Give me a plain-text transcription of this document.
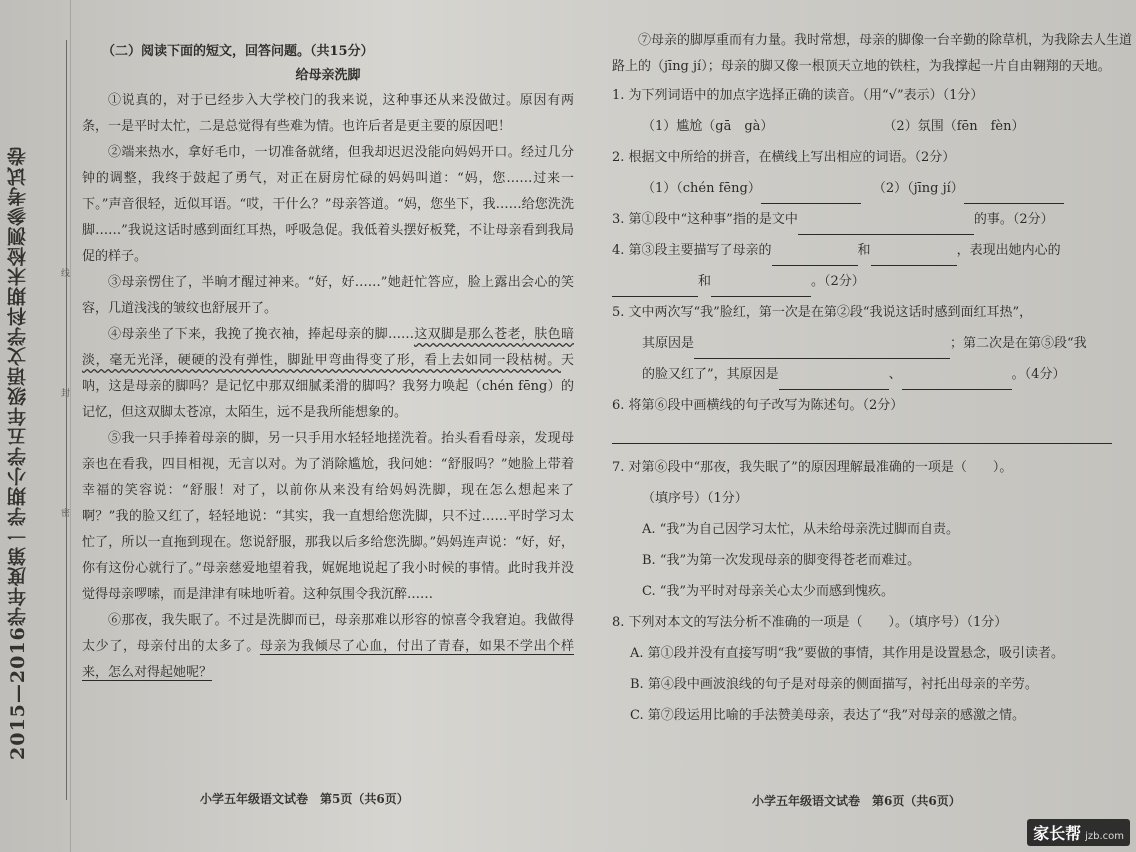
2015—2016学年度第一学期小学五年级语文学科期末检测参考试卷	线
封
密

（二）阅读下面的短文，回答问题。（共15分）

给母亲洗脚

①说真的，对于已经步入大学校门的我来说，这种事还从来没做过。原因有两条，一是平时太忙，二是总觉得有些难为情。也许后者是更主要的原因吧！

②端来热水，拿好毛巾，一切准备就绪，但我却迟迟没能向妈妈开口。经过几分钟的调整，我终于鼓起了勇气，对正在厨房忙碌的妈妈叫道：“妈，您……过来一下。”声音很轻，近似耳语。“哎，干什么？”母亲答道。“妈，您坐下，我……给您洗洗脚……”我说这话时感到面红耳热，呼吸急促。我低着头摆好板凳，不让母亲看到我局促的样子。

③母亲愣住了，半晌才醒过神来。“好，好……”她赶忙答应，脸上露出会心的笑容，几道浅浅的皱纹也舒展开了。

④母亲坐了下来，我挽了挽衣袖，捧起母亲的脚……这双脚是那么苍老，肤色暗淡，毫无光泽，硬硬的没有弹性，脚趾甲弯曲得变了形，看上去如同一段枯树。天呐，这是母亲的脚吗？是记忆中那双细腻柔滑的脚吗？我努力唤起（chén fēng）的记忆，但这双脚太苍凉，太陌生，远不是我所能想象的。

⑤我一只手捧着母亲的脚，另一只手用水轻轻地搓洗着。抬头看看母亲，发现母亲也在看我，四目相视，无言以对。为了消除尴尬，我问她：“舒服吗？”她脸上带着幸福的笑容说：“舒服！对了，以前你从来没有给妈妈洗脚，现在怎么想起来了啊？”我的脸又红了，轻轻地说：“其实，我一直想给您洗脚，只不过……平时学习太忙了，所以一直拖到现在。您说舒服，那我以后多给您洗脚。”妈妈连声说：“好，好，你有这份心就行了。”母亲慈爱地望着我，娓娓地说起了我小时候的事情。此时我并没觉得母亲啰嗦，而是津津有味地听着。这种氛围令我沉醉……

⑥那夜，我失眠了。不过是洗脚而已，母亲那难以形容的惊喜令我窘迫。我做得太少了，母亲付出的太多了。母亲为我倾尽了心血，付出了青春，如果不学出个样来，怎么对得起她呢？

小学五年级语文试卷　第5页（共6页）

⑦母亲的脚厚重而有力量。我时常想，母亲的脚像一台辛勤的除草机，为我除去人生道路上的（jīng jí）；母亲的脚又像一根顶天立地的铁柱，为我撑起一片自由翱翔的天地。

1. 为下列词语中的加点字选择正确的读音。（用“√”表示）（1分）

（1）尴尬（gā　gà）	（2）氛围（fēn　fèn）

2. 根据文中所给的拼音，在横线上写出相应的词语。（2分）

（1）（chén fēng）	（2）（jīng jí）

3. 第①段中“这种事”指的是文中	的事。（2分）

4. 第③段主要描写了母亲的	和	，表现出她内心的

和	。（2分）

5. 文中两次写“我”脸红，第一次是在第②段“我说这话时感到面红耳热”，

其原因是	；第二次是在第⑤段“我

的脸又红了”，其原因是	、	。（4分）

6. 将第⑥段中画横线的句子改写为陈述句。（2分）

7. 对第⑥段中“那夜，我失眠了”的原因理解最准确的一项是（　　）。

（填序号）（1分）

A. “我”为自己因学习太忙，从未给母亲洗过脚而自责。

B. “我”为第一次发现母亲的脚变得苍老而难过。

C. “我”为平时对母亲关心太少而感到愧疚。

8. 下列对本文的写法分析不准确的一项是（　　）。（填序号）（1分）

A. 第①段并没有直接写明“我”要做的事情，其作用是设置悬念，吸引读者。

B. 第④段中画波浪线的句子是对母亲的侧面描写，衬托出母亲的辛劳。

C. 第⑦段运用比喻的手法赞美母亲，表达了“我”对母亲的感激之情。

小学五年级语文试卷　第6页（共6页）
家长帮 jzb.com
